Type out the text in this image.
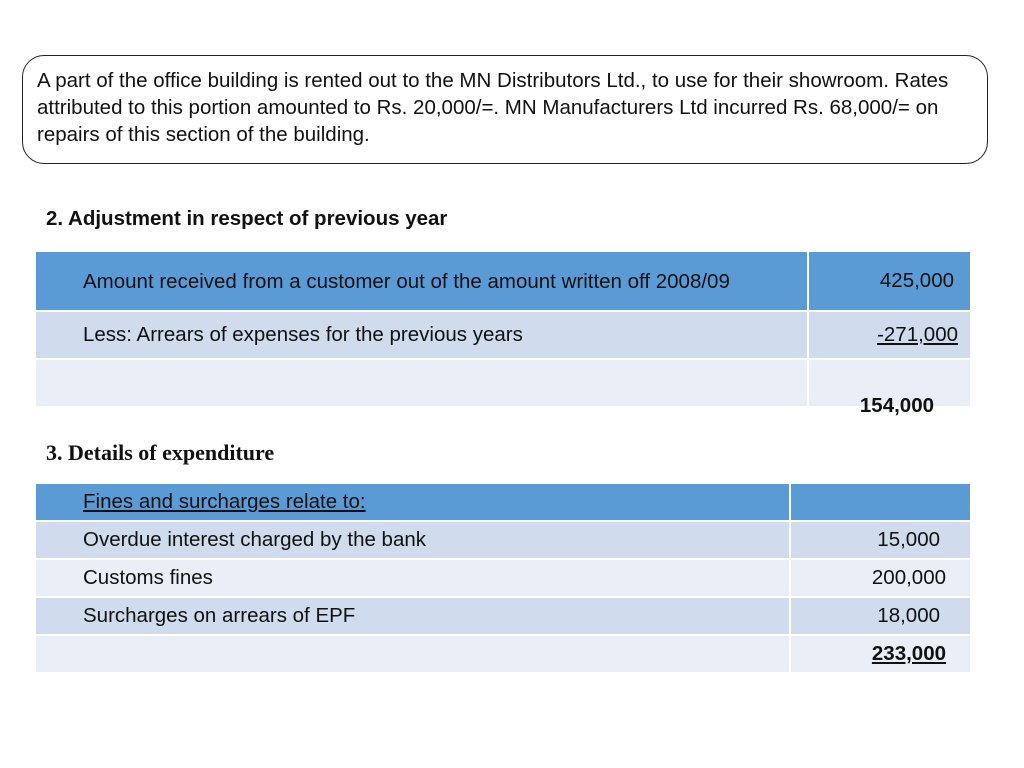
A part of the office building is rented out to the MN Distributors Ltd., to use for their showroom. Rates attributed to this portion amounted to Rs. 20,000/=. MN Manufacturers Ltd incurred Rs. 68,000/= on repairs of this section of the building.
2. Adjustment in respect of previous year
Amount received from a customer out of the amount written off 2008/09	425,000
Less: Arrears of expenses for the previous years	-271,000
	154,000
3. Details of expenditure
Fines and surcharges relate to:	
Overdue interest charged by the bank	15,000
Customs fines	200,000
Surcharges on arrears of EPF	18,000
	233,000
